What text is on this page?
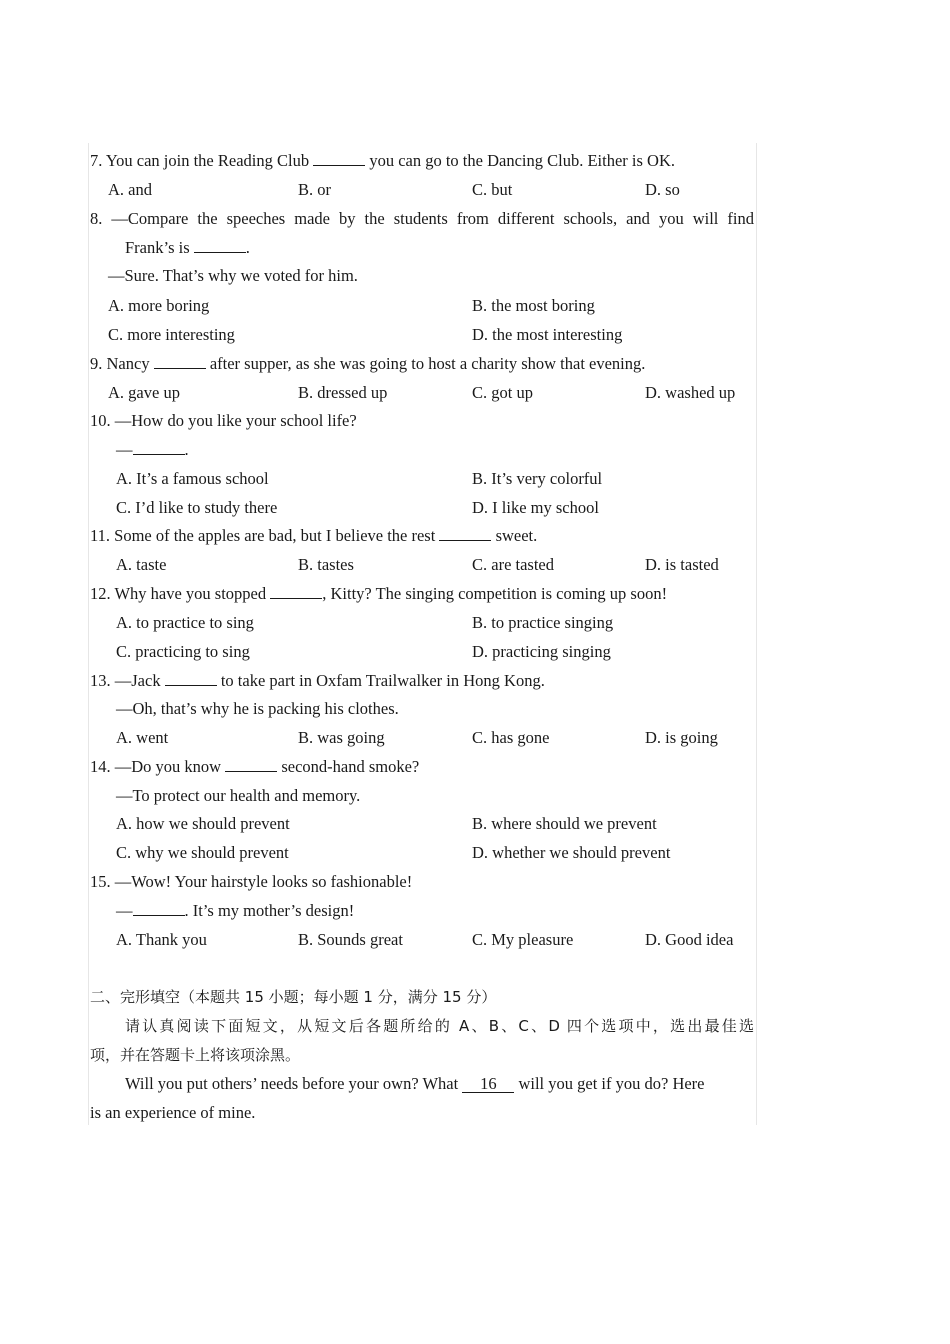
7. You can join the Reading Club	you can go to the Dancing Club. Either is OK.
A. and	B. or	C. but	D. so
8. —Compare the speeches made by the students from different schools, and you will find
Frank’s is	.
—Sure. That’s why we voted for him.
A. more boring	B. the most boring
C. more interesting	D. the most interesting
9. Nancy	after supper, as she was going to host a charity show that evening.
A. gave up	B. dressed up	C. got up	D. washed up
10. —How do you like your school life?
—	.
A. It’s a famous school	B. It’s very colorful
C. I’d like to study there	D. I like my school
11. Some of the apples are bad, but I believe the rest	sweet.
A. taste	B. tastes	C. are tasted	D. is tasted
12. Why have you stopped	, Kitty? The singing competition is coming up soon!
A. to practice to sing	B. to practice singing
C. practicing to sing	D. practicing singing
13. —Jack	to take part in Oxfam Trailwalker in Hong Kong.
—Oh, that’s why he is packing his clothes.
A. went	B. was going	C. has gone	D. is going
14. —Do you know	second-hand smoke?
—To protect our health and memory.
A. how we should prevent	B. where should we prevent
C. why we should prevent	D. whether we should prevent
15. —Wow! Your hairstyle looks so fashionable!
—	. It’s my mother’s design!
A. Thank you	B. Sounds great	C. My pleasure	D. Good idea
二、完形填空（本题共 15 小题；每小题 1 分，满分 15 分）
请认真阅读下面短文，从短文后各题所给的 A、B、C、D 四个选项中，选出最佳选
项，并在答题卡上将该项涂黑。
Will you put others’ needs before your own? What 16 will you get if you do? Here
is an experience of mine.
